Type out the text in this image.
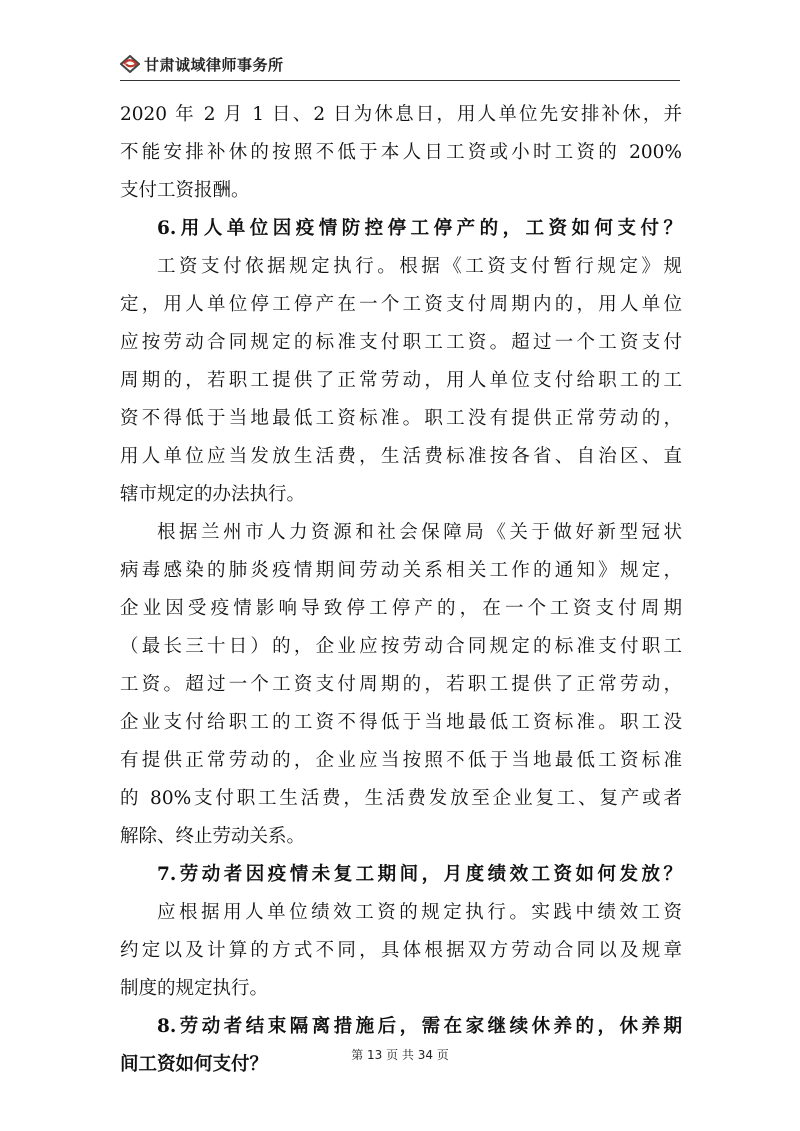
甘肃诚域律师事务所
2020 年 2 月 1 日、2 日为休息日，用人单位先安排补休，并
不能安排补休的按照不低于本人日工资或小时工资的 200%
支付工资报酬。
6.用人单位因疫情防控停工停产的，工资如何支付？
工资支付依据规定执行。根据《工资支付暂行规定》规
定，用人单位停工停产在一个工资支付周期内的，用人单位
应按劳动合同规定的标准支付职工工资。超过一个工资支付
周期的，若职工提供了正常劳动，用人单位支付给职工的工
资不得低于当地最低工资标准。职工没有提供正常劳动的，
用人单位应当发放生活费，生活费标准按各省、自治区、直
辖市规定的办法执行。
根据兰州市人力资源和社会保障局《关于做好新型冠状
病毒感染的肺炎疫情期间劳动关系相关工作的通知》规定，
企业因受疫情影响导致停工停产的，在一个工资支付周期
（最长三十日）的，企业应按劳动合同规定的标准支付职工
工资。超过一个工资支付周期的，若职工提供了正常劳动，
企业支付给职工的工资不得低于当地最低工资标准。职工没
有提供正常劳动的，企业应当按照不低于当地最低工资标准
的 80%支付职工生活费，生活费发放至企业复工、复产或者
解除、终止劳动关系。
7.劳动者因疫情未复工期间，月度绩效工资如何发放？
应根据用人单位绩效工资的规定执行。实践中绩效工资
约定以及计算的方式不同，具体根据双方劳动合同以及规章
制度的规定执行。
8.劳动者结束隔离措施后，需在家继续休养的，休养期
间工资如何支付？	第 13 页 共 34 页
